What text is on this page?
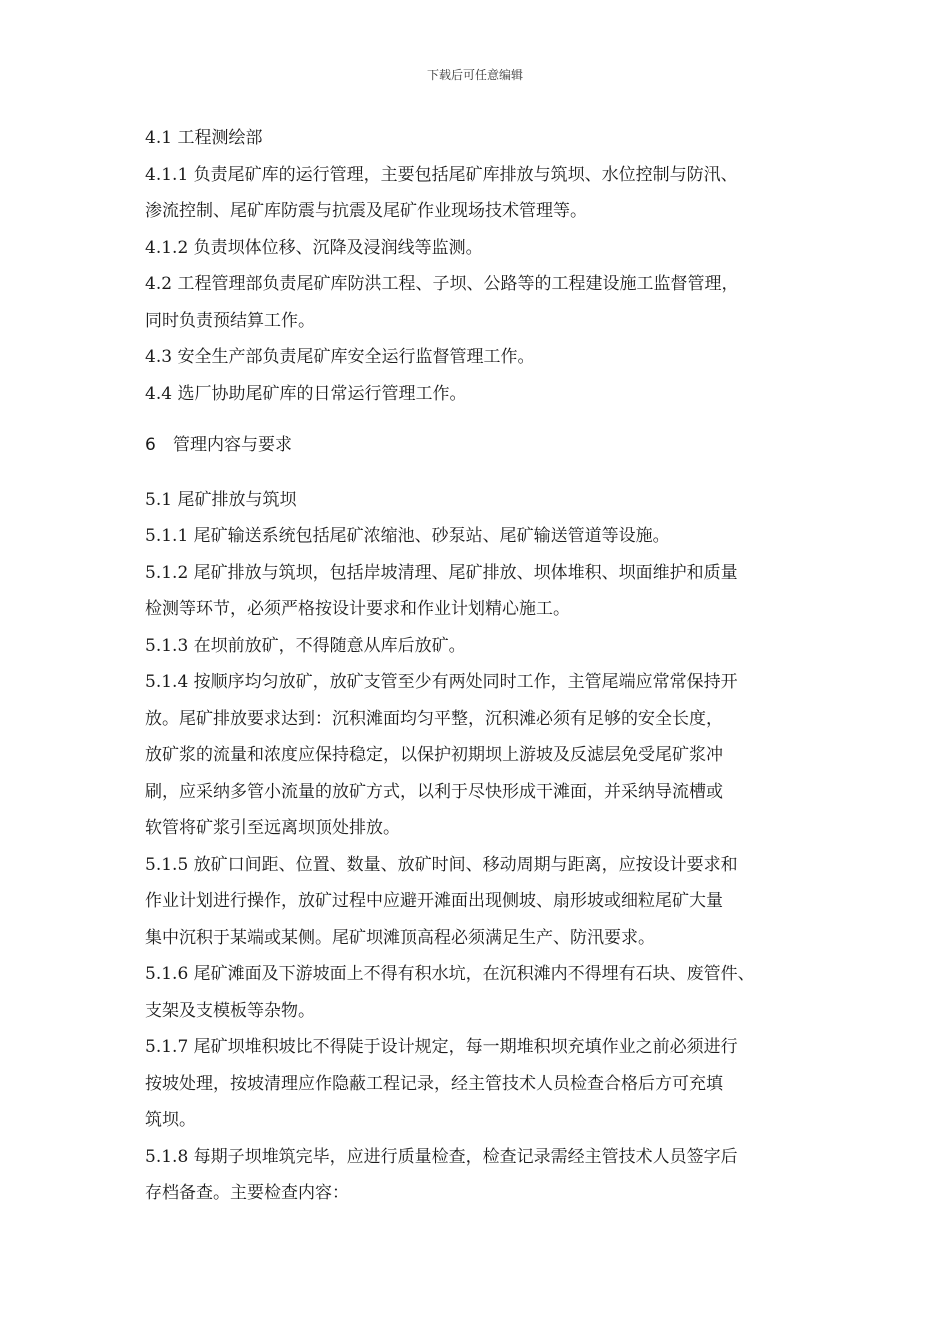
下载后可任意编辑
4.1 工程测绘部
4.1.1 负责尾矿库的运行管理，主要包括尾矿库排放与筑坝、水位控制与防汛、
渗流控制、尾矿库防震与抗震及尾矿作业现场技术管理等。
4.1.2 负责坝体位移、沉降及浸润线等监测。
4.2 工程管理部负责尾矿库防洪工程、子坝、公路等的工程建设施工监督管理，
同时负责预结算工作。
4.3 安全生产部负责尾矿库安全运行监督管理工作。
4.4 选厂协助尾矿库的日常运行管理工作。
6 管理内容与要求
5.1 尾矿排放与筑坝
5.1.1 尾矿输送系统包括尾矿浓缩池、砂泵站、尾矿输送管道等设施。
5.1.2 尾矿排放与筑坝，包括岸坡清理、尾矿排放、坝体堆积、坝面维护和质量
检测等环节，必须严格按设计要求和作业计划精心施工。
5.1.3 在坝前放矿，不得随意从库后放矿。
5.1.4 按顺序均匀放矿，放矿支管至少有两处同时工作，主管尾端应常常保持开
放。尾矿排放要求达到：沉积滩面均匀平整，沉积滩必须有足够的安全长度，
放矿浆的流量和浓度应保持稳定，以保护初期坝上游坡及反滤层免受尾矿浆冲
刷，应采纳多管小流量的放矿方式，以利于尽快形成干滩面，并采纳导流槽或
软管将矿浆引至远离坝顶处排放。
5.1.5 放矿口间距、位置、数量、放矿时间、移动周期与距离，应按设计要求和
作业计划进行操作，放矿过程中应避开滩面出现侧坡、扇形坡或细粒尾矿大量
集中沉积于某端或某侧。尾矿坝滩顶高程必须满足生产、防汛要求。
5.1.6 尾矿滩面及下游坡面上不得有积水坑，在沉积滩内不得埋有石块、废管件、
支架及支模板等杂物。
5.1.7 尾矿坝堆积坡比不得陡于设计规定，每一期堆积坝充填作业之前必须进行
按坡处理，按坡清理应作隐蔽工程记录，经主管技术人员检查合格后方可充填
筑坝。
5.1.8 每期子坝堆筑完毕，应进行质量检查，检查记录需经主管技术人员签字后
存档备查。主要检查内容：
